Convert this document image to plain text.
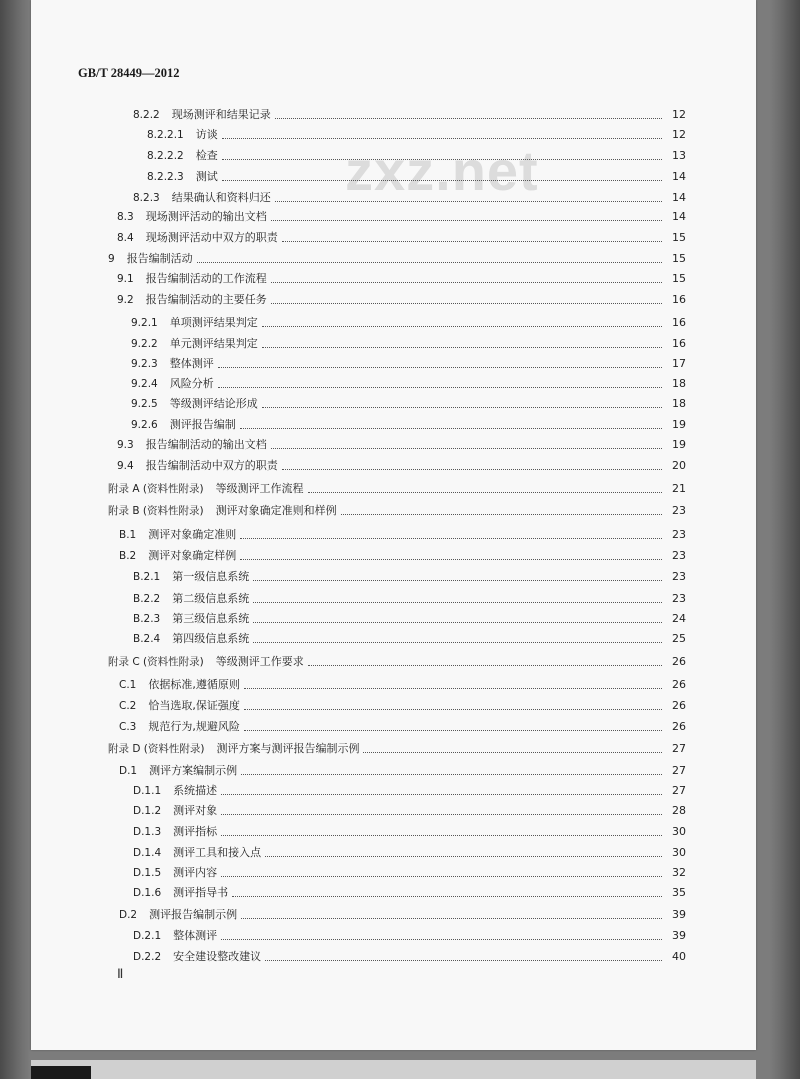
GB/T 28449—2012
zxz.net
8.2.2 现场测评和结果记录	12
8.2.2.1 访谈	12
8.2.2.2 检查	13
8.2.2.3 测试	14
8.2.3 结果确认和资料归还	14
8.3 现场测评活动的输出文档	14
8.4 现场测评活动中双方的职责	15
9 报告编制活动	15
9.1 报告编制活动的工作流程	15
9.2 报告编制活动的主要任务	16
9.2.1 单项测评结果判定	16
9.2.2 单元测评结果判定	16
9.2.3 整体测评	17
9.2.4 风险分析	18
9.2.5 等级测评结论形成	18
9.2.6 测评报告编制	19
9.3 报告编制活动的输出文档	19
9.4 报告编制活动中双方的职责	20
附录 A (资料性附录) 等级测评工作流程	21
附录 B (资料性附录) 测评对象确定准则和样例	23
B.1 测评对象确定准则	23
B.2 测评对象确定样例	23
B.2.1 第一级信息系统	23
B.2.2 第二级信息系统	23
B.2.3 第三级信息系统	24
B.2.4 第四级信息系统	25
附录 C (资料性附录) 等级测评工作要求	26
C.1 依据标准,遵循原则	26
C.2 恰当选取,保证强度	26
C.3 规范行为,规避风险	26
附录 D (资料性附录) 测评方案与测评报告编制示例	27
D.1 测评方案编制示例	27
D.1.1 系统描述	27
D.1.2 测评对象	28
D.1.3 测评指标	30
D.1.4 测评工具和接入点	30
D.1.5 测评内容	32
D.1.6 测评指导书	35
D.2 测评报告编制示例	39
D.2.1 整体测评	39
D.2.2 安全建设整改建议	40
Ⅱ
